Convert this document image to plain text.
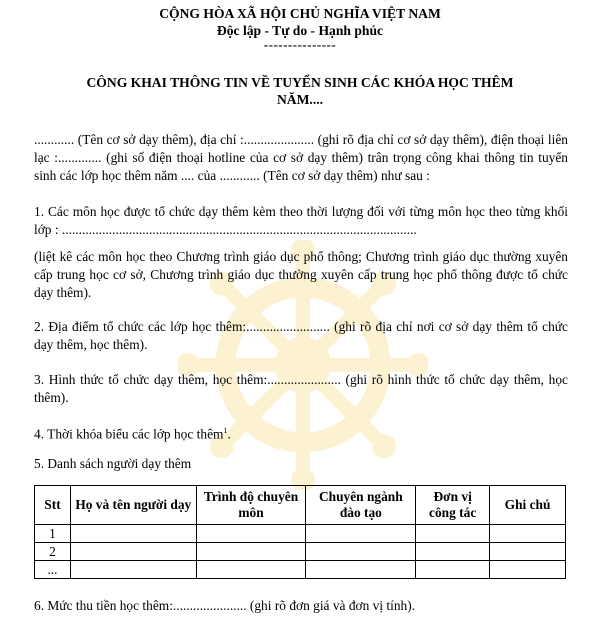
CỘNG HÒA XÃ HỘI CHỦ NGHĨA VIỆT NAM
Độc lập - Tự do - Hạnh phúc
---------------
CÔNG KHAI THÔNG TIN VỀ TUYỂN SINH CÁC KHÓA HỌC THÊM
NĂM....
............ (Tên cơ sở dạy thêm), địa chỉ :..................... (ghi rõ địa chỉ cơ sở dạy thêm), điện thoại liên lạc :............. (ghi số điện thoại hotline của cơ sở dạy thêm) trân trọng công khai thông tin tuyển sinh các lớp học thêm năm .... của ............ (Tên cơ sở dạy thêm) như sau :
1. Các môn học được tổ chức dạy thêm kèm theo thời lượng đối với từng môn học theo từng khối lớp : ..........................................................................................................
(liệt kê các môn học theo Chương trình giáo dục phổ thông; Chương trình giáo dục thường xuyên cấp trung học cơ sở, Chương trình giáo dục thường xuyên cấp trung học phổ thông được tổ chức dạy thêm).
2. Địa điểm tổ chức các lớp học thêm:......................... (ghi rõ địa chỉ nơi cơ sở dạy thêm tổ chức dạy thêm, học thêm).
3. Hình thức tổ chức dạy thêm, học thêm:...................... (ghi rõ hình thức tổ chức dạy thêm, học thêm).
4. Thời khóa biểu các lớp học thêm$^1$.
5. Danh sách người dạy thêm
Stt	Họ và tên người dạy	Trình độ chuyên môn	Chuyên ngành đào tạo	Đơn vị công tác	Ghi chú
1					
2					
...					
6. Mức thu tiền học thêm:...................... (ghi rõ đơn giá và đơn vị tính).
